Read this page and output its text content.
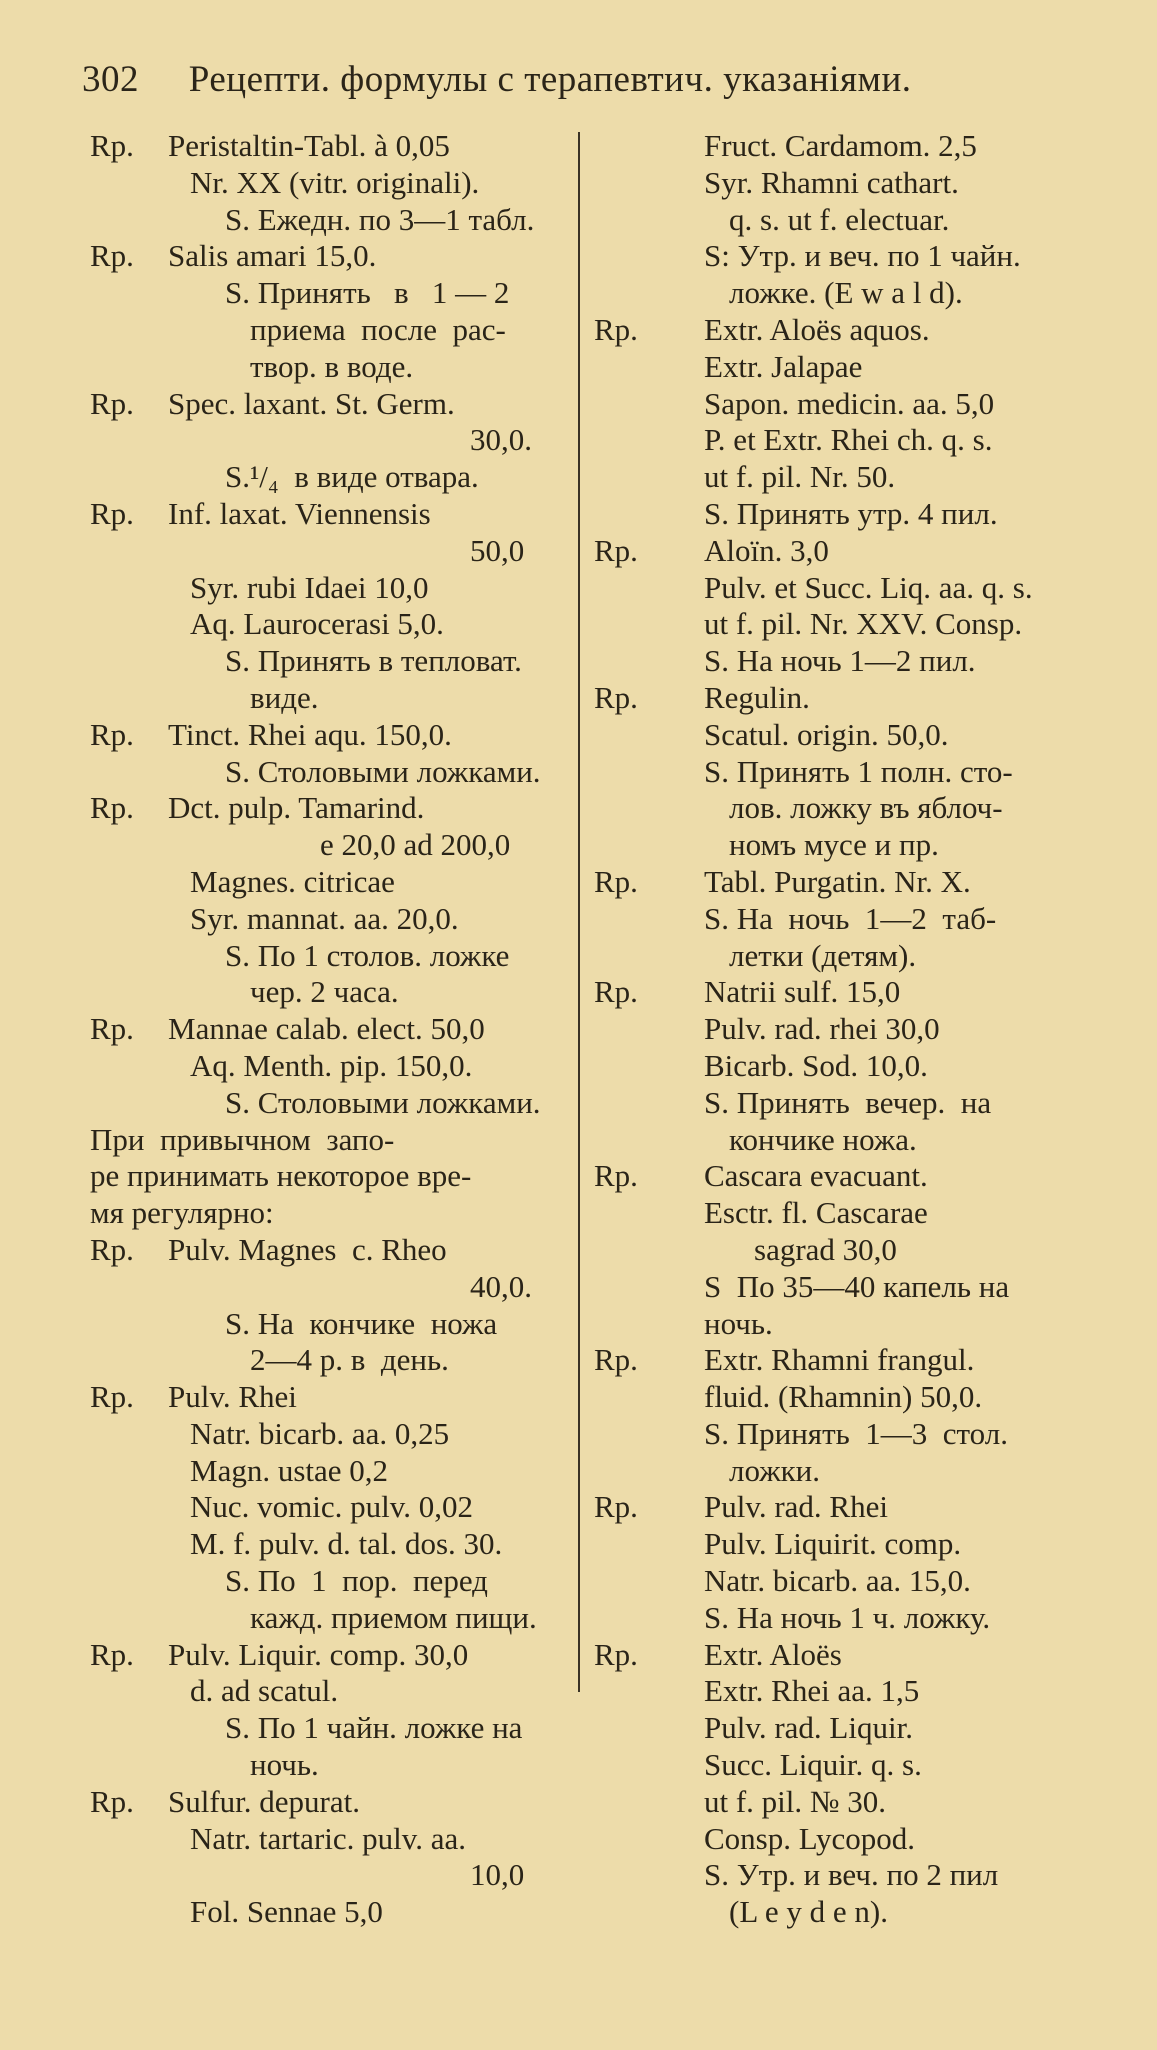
302 Рецепти. формулы с терапевтич. указаніями.
Rp. Peristaltin-Tabl. à 0,05
Nr. XX (vitr. originali).
S. Ежедн. по 3—1 табл.
Rp. Salis amari 15,0.
S. Принять   в   1 — 2
приема  после  рас-
твор. в воде.
Rp. Spec. laxant. St. Germ.
30,0.
S.¹/₄  в виде отвара.
Rp. Inf. laxat. Viennensis
50,0
Syr. rubi Idaei 10,0
Aq. Laurocerasi 5,0.
S. Принять в тепловат.
виде.
Rp. Tinct. Rhei aqu. 150,0.
S. Столовыми ложками.
Rp. Dct. pulp. Tamarind.
e 20,0 ad 200,0
Magnes. citricae
Syr. mannat. aa. 20,0.
S. По 1 столов. ложке
чер. 2 часа.
Rp. Mannae calab. elect. 50,0
Aq. Menth. pip. 150,0.
S. Столовыми ложками.
При  привычном  запо-
ре принимать некоторое вре-
мя регулярно:
Rp. Pulv. Magnes  c. Rheo
40,0.
S. На  кончике  ножа
2—4 р. в  день.
Rp. Pulv. Rhei
Natr. bicarb. aa. 0,25
Magn. ustae 0,2
Nuc. vomic. pulv. 0,02
M. f. pulv. d. tal. dos. 30.
S. По  1  пор.  перед
кажд. приемом пищи.
Rp. Pulv. Liquir. comp. 30,0
d. ad scatul.
S. По 1 чайн. ложке на
ночь.
Rp. Sulfur. depurat.
Natr. tartaric. pulv. aa.
10,0
Fol. Sennae 5,0
Fruct. Cardamom. 2,5
Syr. Rhamni cathart.
q. s. ut f. electuar.
S: Утр. и веч. по 1 чайн.
ложке. (E w a l d).
Rp. Extr. Aloës aquos.
Extr. Jalapae
Sapon. medicin. aa. 5,0
P. et Extr. Rhei ch. q. s.
ut f. pil. Nr. 50.
S. Принять утр. 4 пил.
Rp. Aloïn. 3,0
Pulv. et Succ. Liq. aa. q. s.
ut f. pil. Nr. XXV. Consp.
S. На ночь 1—2 пил.
Rp. Regulin.
Scatul. origin. 50,0.
S. Принять 1 полн. сто-
лов. ложку въ яблоч-
номъ мусе и пр.
Rp. Tabl. Purgatin. Nr. X.
S. На  ночь  1—2  таб-
летки (детям).
Rp. Natrii sulf. 15,0
Pulv. rad. rhei 30,0
Bicarb. Sod. 10,0.
S. Принять  вечер.  на
кончике ножа.
Rp. Cascara evacuant.
Esctr. fl. Cascarae
sagrad 30,0
S  По 35—40 капель на
ночь.
Rp. Extr. Rhamni frangul.
fluid. (Rhamnin) 50,0.
S. Принять  1—3  стол.
ложки.
Rp. Pulv. rad. Rhei
Pulv. Liquirit. comp.
Natr. bicarb. aa. 15,0.
S. На ночь 1 ч. ложку.
Rp. Extr. Aloës
Extr. Rhei aa. 1,5
Pulv. rad. Liquir.
Succ. Liquir. q. s.
ut f. pil. № 30.
Consp. Lycopod.
S. Утр. и веч. по 2 пил
(L e y d e n).
